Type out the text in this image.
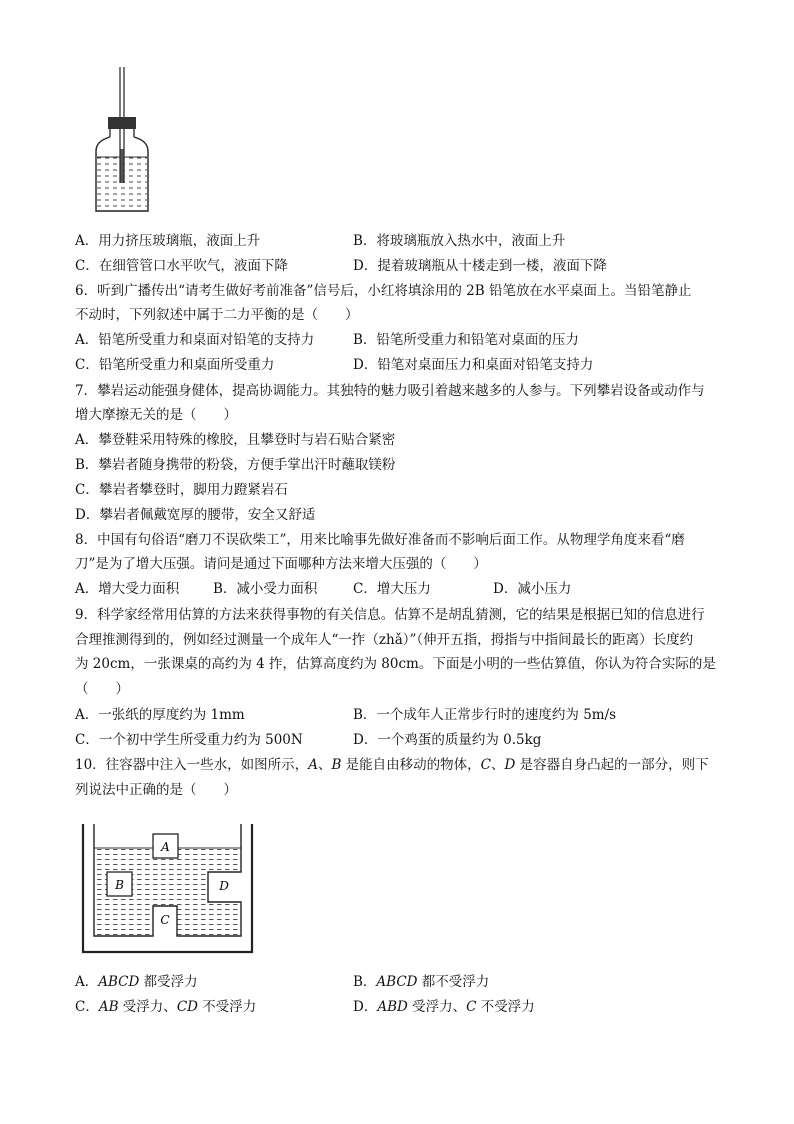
A．用力挤压玻璃瓶，液面上升	B．将玻璃瓶放入热水中，液面上升
C．在细管管口水平吹气，液面下降	D．提着玻璃瓶从十楼走到一楼，液面下降
6．听到广播传出“请考生做好考前准备”信号后，小红将填涂用的 2B 铅笔放在水平桌面上。当铅笔静止
不动时，下列叙述中属于二力平衡的是（　　）
A．铅笔所受重力和桌面对铅笔的支持力	B．铅笔所受重力和铅笔对桌面的压力
C．铅笔所受重力和桌面所受重力	D．铅笔对桌面压力和桌面对铅笔支持力
7．攀岩运动能强身健体，提高协调能力。其独特的魅力吸引着越来越多的人参与。下列攀岩设备或动作与
增大摩擦无关的是（　　）
A．攀登鞋采用特殊的橡胶，且攀登时与岩石贴合紧密
B．攀岩者随身携带的粉袋，方便手掌出汗时蘸取镁粉
C．攀岩者攀登时，脚用力蹬紧岩石
D．攀岩者佩戴宽厚的腰带，安全又舒适
8．中国有句俗语“磨刀不误砍柴工”，用来比喻事先做好准备而不影响后面工作。从物理学角度来看“磨
刀”是为了增大压强。请问是通过下面哪种方法来增大压强的（　　）
A．增大受力面积	B．减小受力面积	C．增大压力	D．减小压力
9．科学家经常用估算的方法来获得事物的有关信息。估算不是胡乱猜测，它的结果是根据已知的信息进行
合理推测得到的，例如经过测量一个成年人“一拃（zhǎ）”（伸开五指，拇指与中指间最长的距离）长度约
为 20cm，一张课桌的高约为 4 拃，估算高度约为 80cm。下面是小明的一些估算值，你认为符合实际的是
（　　）
A．一张纸的厚度约为 1mm	B．一个成年人正常步行时的速度约为 5m/s
C．一个初中学生所受重力约为 500N	D．一个鸡蛋的质量约为 0.5kg
10．往容器中注入一些水，如图所示，A、B 是能自由移动的物体，C、D 是容器自身凸起的一部分，则下
列说法中正确的是（　　）
A
B	D
C
A．ABCD 都受浮力	B．ABCD 都不受浮力
C．AB 受浮力、CD 不受浮力	D．ABD 受浮力、C 不受浮力
